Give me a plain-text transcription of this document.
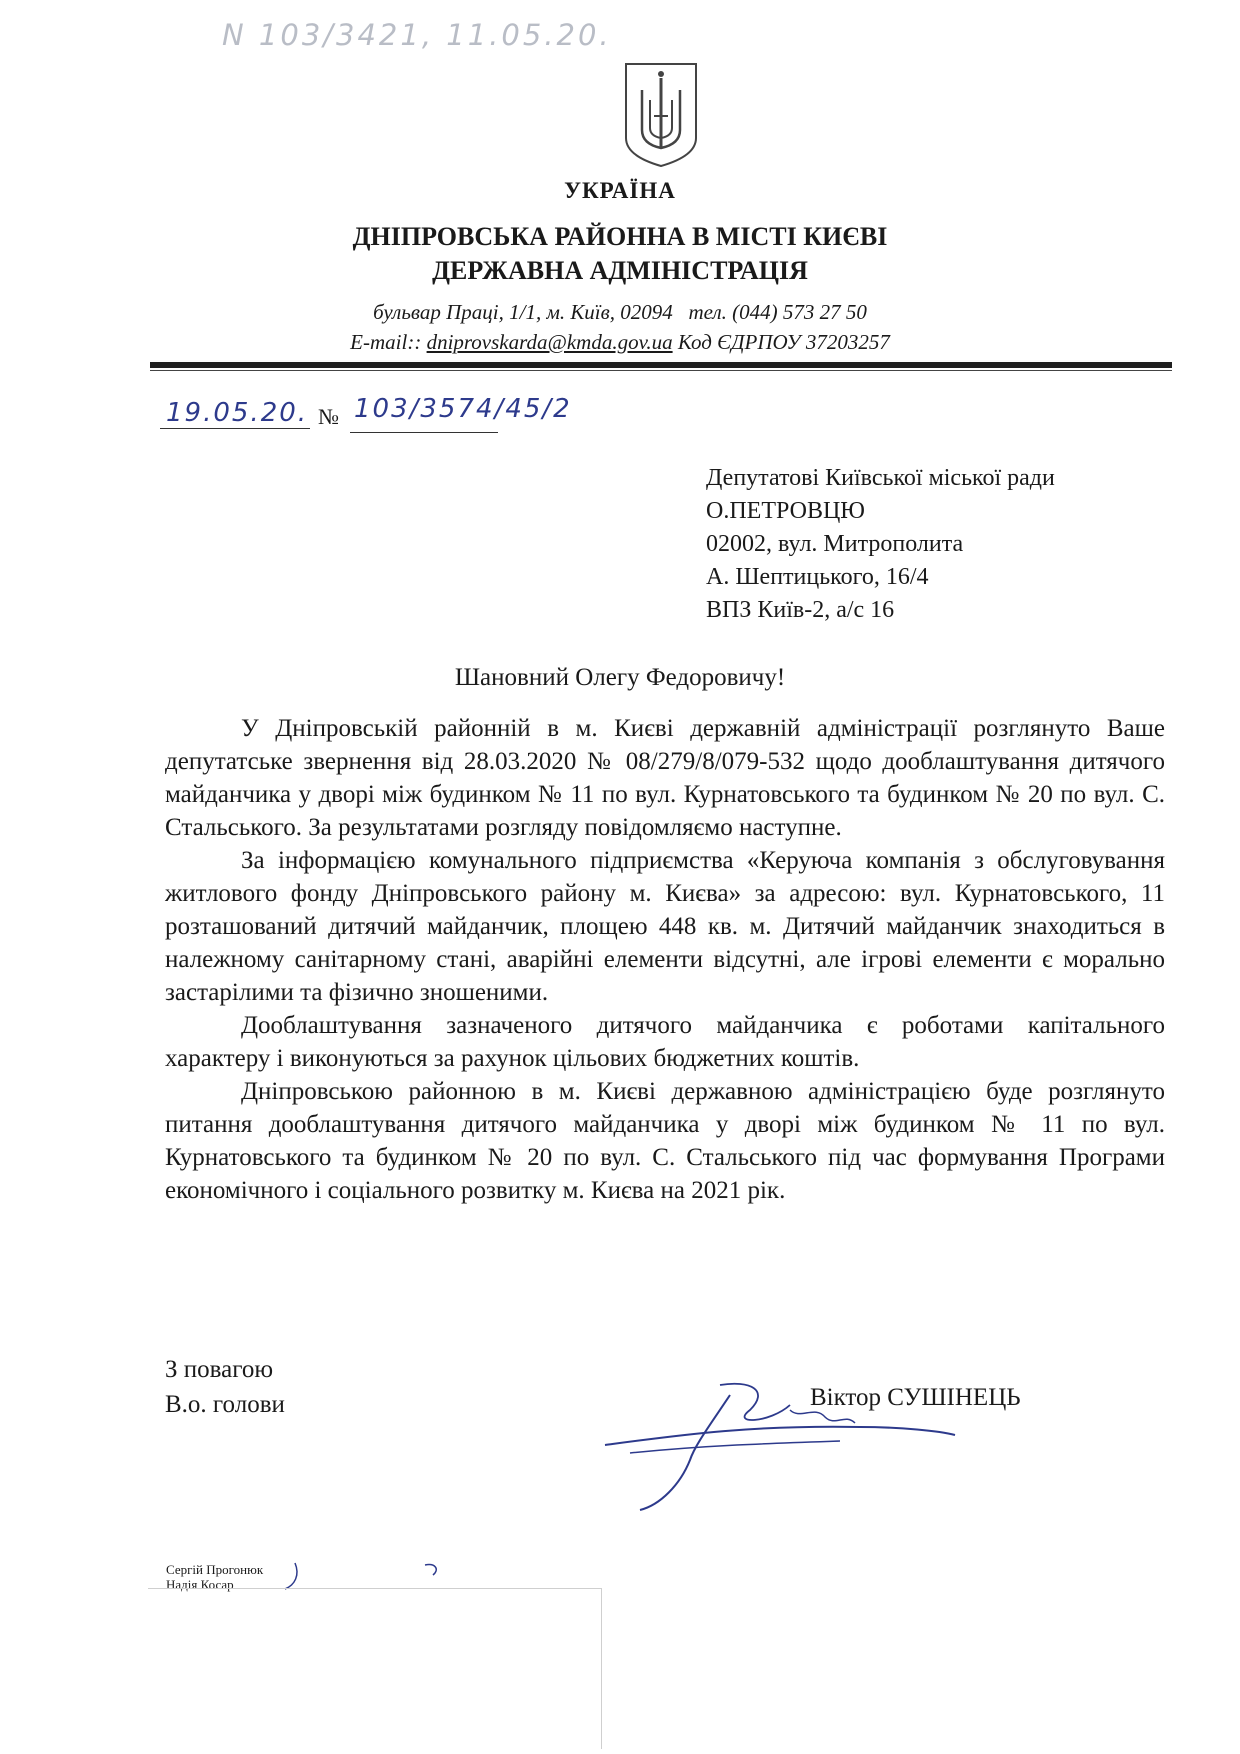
N 103/3421, 11.05.20.
УКРАЇНА
ДНІПРОВСЬКА РАЙОННА В МІСТІ КИЄВІ
ДЕРЖАВНА АДМІНІСТРАЦІЯ
бульвар Праці, 1/1, м. Київ, 02094 тел. (044) 573 27 50
E-mail:: dniprovskarda@kmda.gov.ua Код ЄДРПОУ 37203257
19.05.20. № 103/3574/45/2
Депутатові Київської міської ради
О.ПЕТРОВЦЮ
02002, вул. Митрополита
А. Шептицького, 16/4
ВПЗ Київ-2, а/с 16
Шановний Олегу Федоровичу!

У Дніпровській районній в м. Києві державній адміністрації розглянуто Ваше депутатське звернення від 28.03.2020 № 08/279/8/079-532 щодо дооблаштування дитячого майданчика у дворі між будинком № 11 по вул. Курнатовського та будинком № 20 по вул. С. Стальського. За результатами розгляду повідомляємо наступне.

За інформацією комунального підприємства «Керуюча компанія з обслуговування житлового фонду Дніпровського району м. Києва» за адресою: вул. Курнатовського, 11 розташований дитячий майданчик, площею 448 кв. м. Дитячий майданчик знаходиться в належному санітарному стані, аварійні елементи відсутні, але ігрові елементи є морально застарілими та фізично зношеними.

Дооблаштування зазначеного дитячого майданчика є роботами капітального характеру і виконуються за рахунок цільових бюджетних коштів.

Дніпровською районною в м. Києві державною адміністрацією буде розглянуто питання дооблаштування дитячого майданчика у дворі між будинком № 11 по вул. Курнатовського та будинком № 20 по вул. С. Стальського під час формування Програми економічного і соціального розвитку м. Києва на 2021 рік.

З повагою
В.о. голови	Віктор СУШІНЕЦЬ
Сергій Прогонюк
Надія Косар
